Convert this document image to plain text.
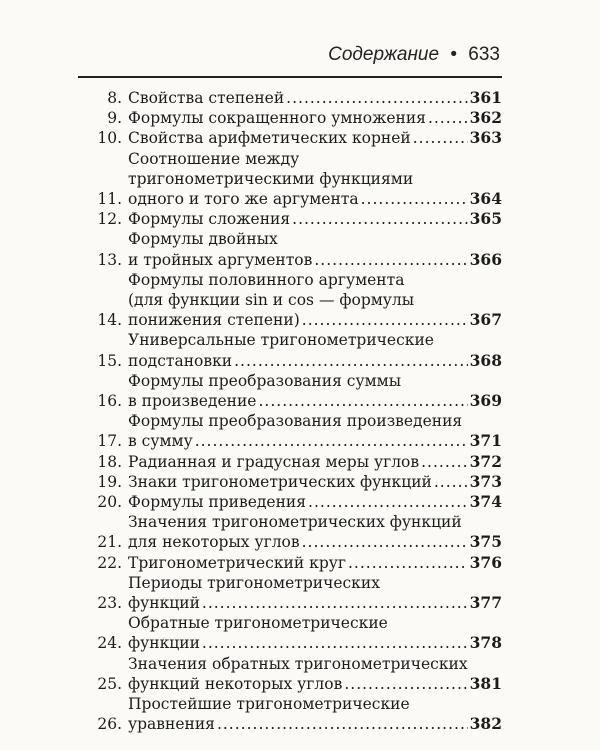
Содержание • 633
8. Свойства степеней .....	361
9. Формулы сокращенного умножения .....	362
10. Свойства арифметических корней .....	363
11.
Соотношение между
тригонометрическими функциями
одного и того же аргумента .....	364
12. Формулы сложения .....	365
13.
Формулы двойных
и тройных аргументов .....	366
14.
Формулы половинного аргумента
(для функции sin и cos — формулы
понижения степени) .....	367
15.
Универсальные тригонометрические
подстановки .....	368
16.
Формулы преобразования суммы
в произведение .....	369
17.
Формулы преобразования произведения
в сумму .....	371
18. Радианная и градусная меры углов .....	372
19. Знаки тригонометрических функций ..... 373
20. Формулы приведения .....	374
21.
Значения тригонометрических функций
для некоторых углов .....	375
22. Тригонометрический круг .....	376
23.
Периоды тригонометрических
функций .....	377
24.
Обратные тригонометрические
функции .....	378
25.
Значения обратных тригонометрических
функций некоторых углов .....	381
26.
Простейшие тригонометрические
уравнения .....	382
